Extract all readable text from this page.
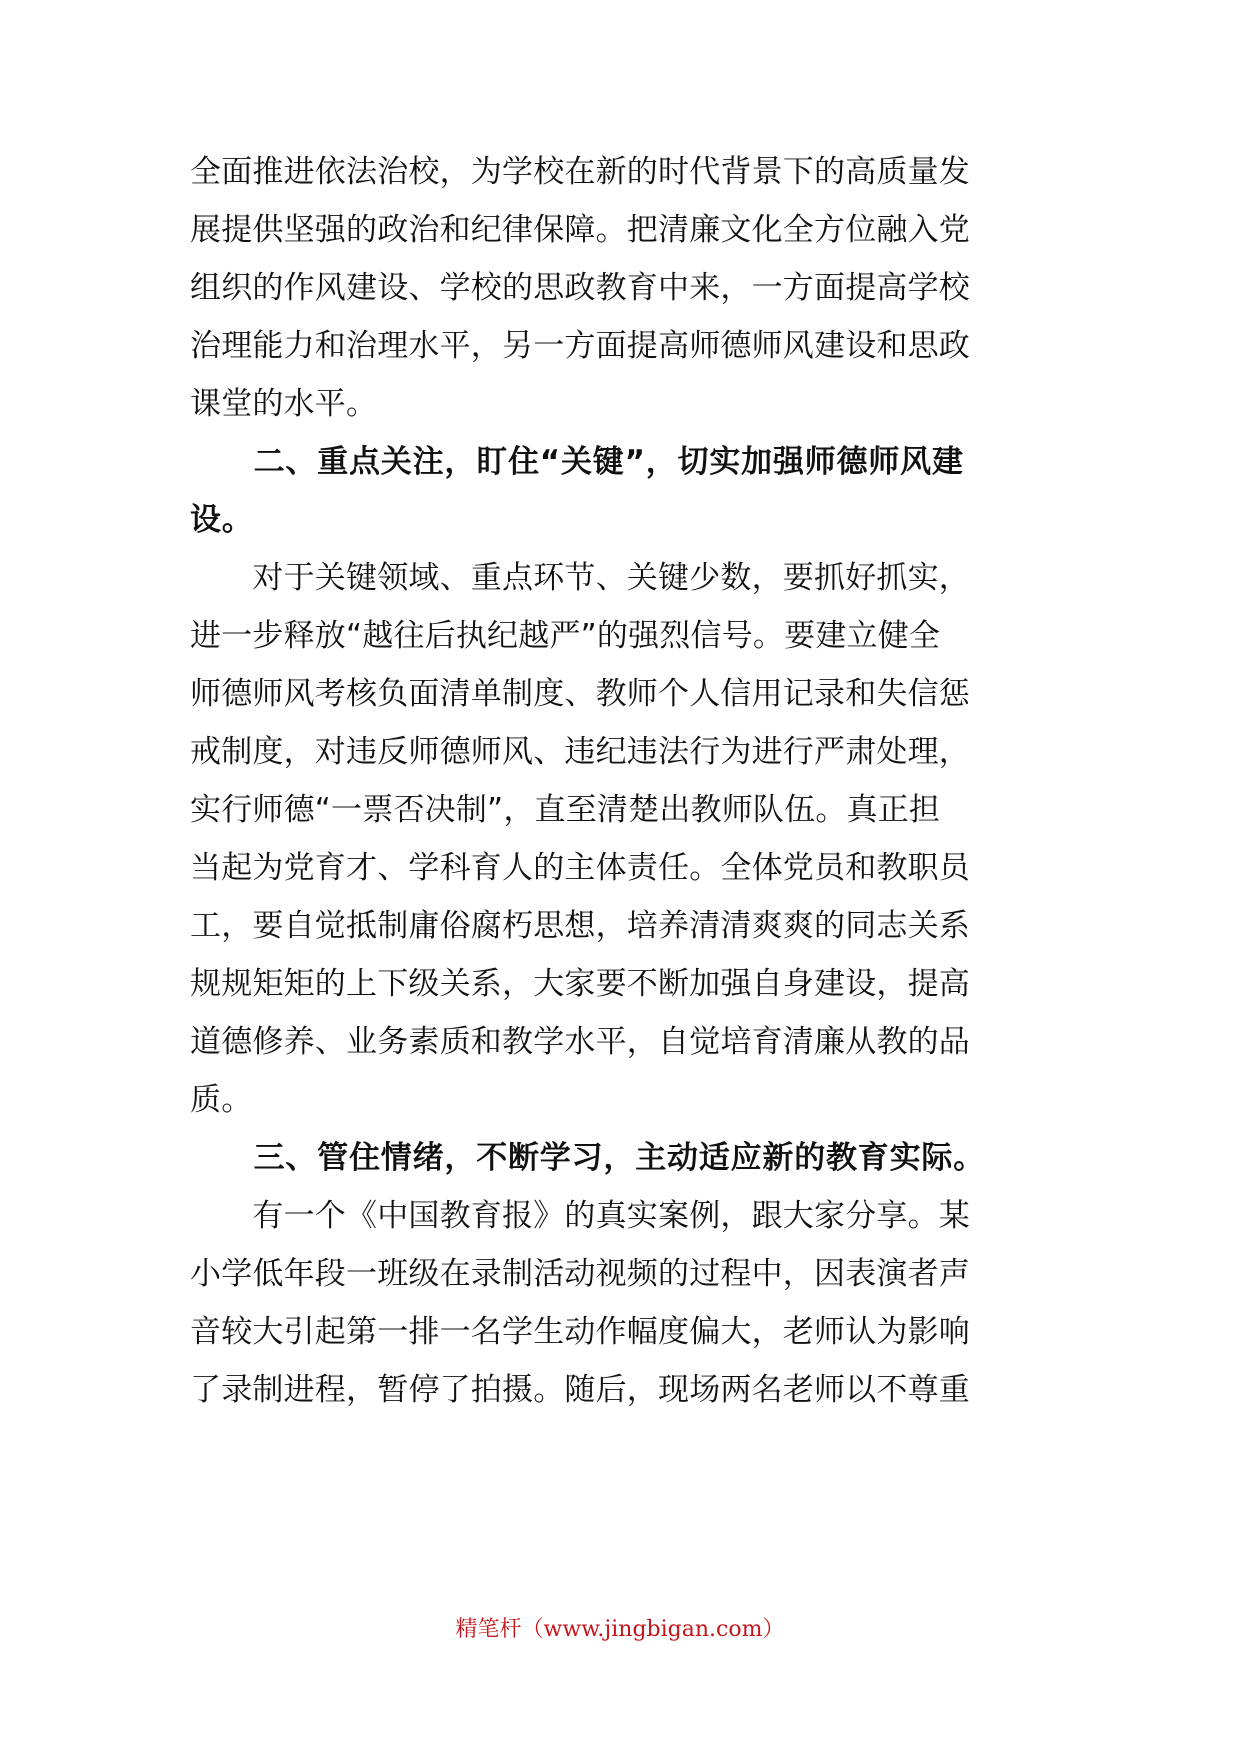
全面推进依法治校，为学校在新的时代背景下的高质量发
展提供坚强的政治和纪律保障。把清廉文化全方位融入党
组织的作风建设、学校的思政教育中来，一方面提高学校
治理能力和治理水平，另一方面提高师德师风建设和思政
课堂的水平。
　　二、重点关注，盯住“关键”，切实加强师德师风建
设。
　　对于关键领域、重点环节、关键少数，要抓好抓实，
进一步释放“越往后执纪越严”的强烈信号。要建立健全
师德师风考核负面清单制度、教师个人信用记录和失信惩
戒制度，对违反师德师风、违纪违法行为进行严肃处理，
实行师德“一票否决制”，直至清楚出教师队伍。真正担
当起为党育才、学科育人的主体责任。全体党员和教职员
工，要自觉抵制庸俗腐朽思想，培养清清爽爽的同志关系
规规矩矩的上下级关系，大家要不断加强自身建设，提高
道德修养、业务素质和教学水平，自觉培育清廉从教的品
质。
　　三、管住情绪，不断学习，主动适应新的教育实际。
　　有一个《中国教育报》的真实案例，跟大家分享。某
小学低年段一班级在录制活动视频的过程中，因表演者声
音较大引起第一排一名学生动作幅度偏大，老师认为影响
了录制进程，暂停了拍摄。随后，现场两名老师以不尊重
精笔杆（www.jingbigan.com）
